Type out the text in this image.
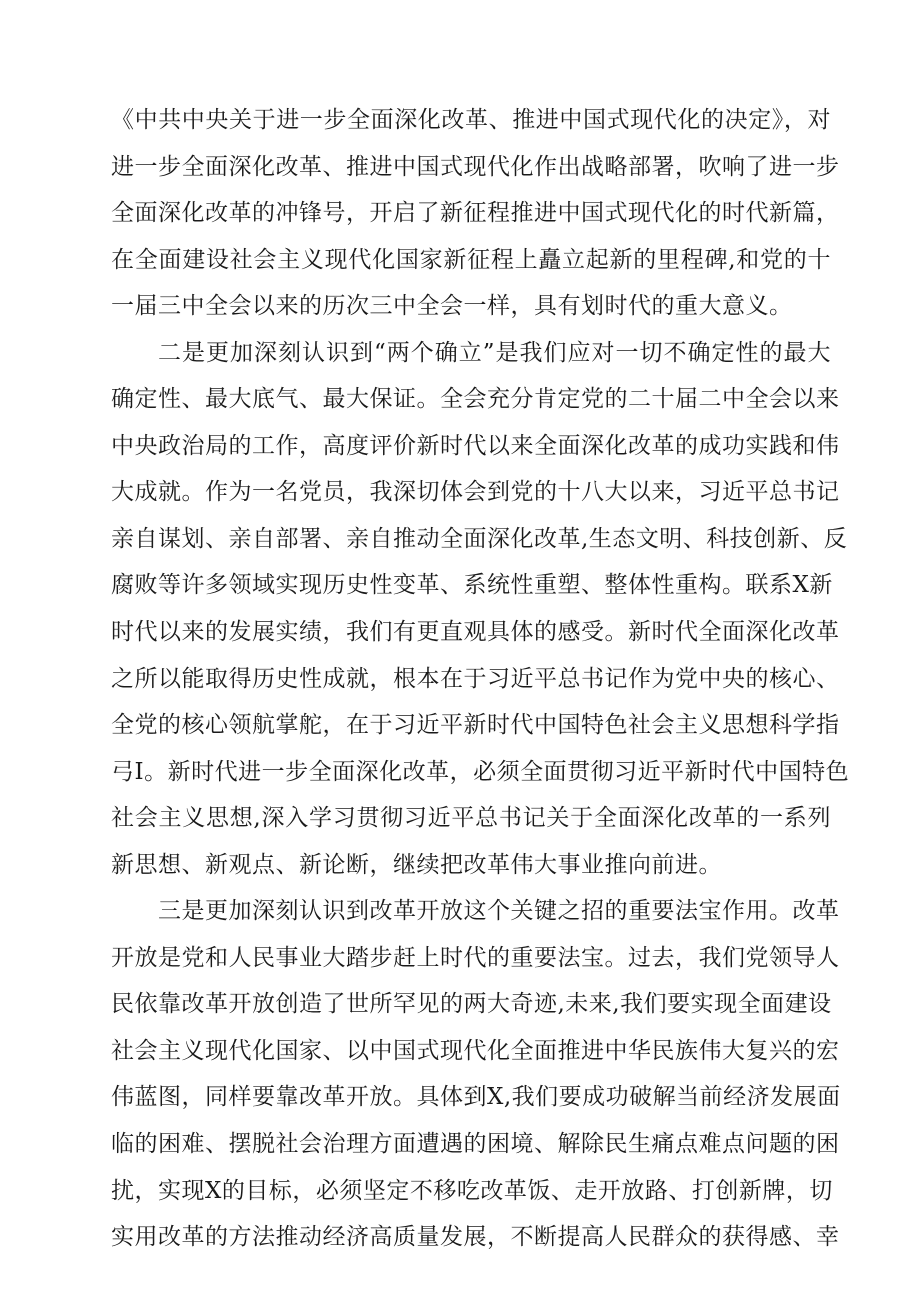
《中共中央关于进一步全面深化改革、推进中国式现代化的决定》，对
进一步全面深化改革、推进中国式现代化作出战略部署，吹响了进一步
全面深化改革的冲锋号，开启了新征程推进中国式现代化的时代新篇，
在全面建设社会主义现代化国家新征程上矗立起新的里程碑,和党的十
一届三中全会以来的历次三中全会一样，具有划时代的重大意义。
二是更加深刻认识到“两个确立”是我们应对一切不确定性的最大
确定性、最大底气、最大保证。全会充分肯定党的二十届二中全会以来
中央政治局的工作，高度评价新时代以来全面深化改革的成功实践和伟
大成就。作为一名党员，我深切体会到党的十八大以来，习近平总书记
亲自谋划、亲自部署、亲自推动全面深化改革,生态文明、科技创新、反
腐败等许多领域实现历史性变革、系统性重塑、整体性重构。联系X新
时代以来的发展实绩，我们有更直观具体的感受。新时代全面深化改革
之所以能取得历史性成就，根本在于习近平总书记作为党中央的核心、
全党的核心领航掌舵，在于习近平新时代中国特色社会主义思想科学指
弓I。新时代进一步全面深化改革，必须全面贯彻习近平新时代中国特色
社会主义思想,深入学习贯彻习近平总书记关于全面深化改革的一系列
新思想、新观点、新论断，继续把改革伟大事业推向前进。
三是更加深刻认识到改革开放这个关键之招的重要法宝作用。改革
开放是党和人民事业大踏步赶上时代的重要法宝。过去，我们党领导人
民依靠改革开放创造了世所罕见的两大奇迹,未来,我们要实现全面建设
社会主义现代化国家、以中国式现代化全面推进中华民族伟大复兴的宏
伟蓝图，同样要靠改革开放。具体到X,我们要成功破解当前经济发展面
临的困难、摆脱社会治理方面遭遇的困境、解除民生痛点难点问题的困
扰，实现X的目标，必须坚定不移吃改革饭、走开放路、打创新牌，切
实用改革的方法推动经济高质量发展，不断提高人民群众的获得感、幸
